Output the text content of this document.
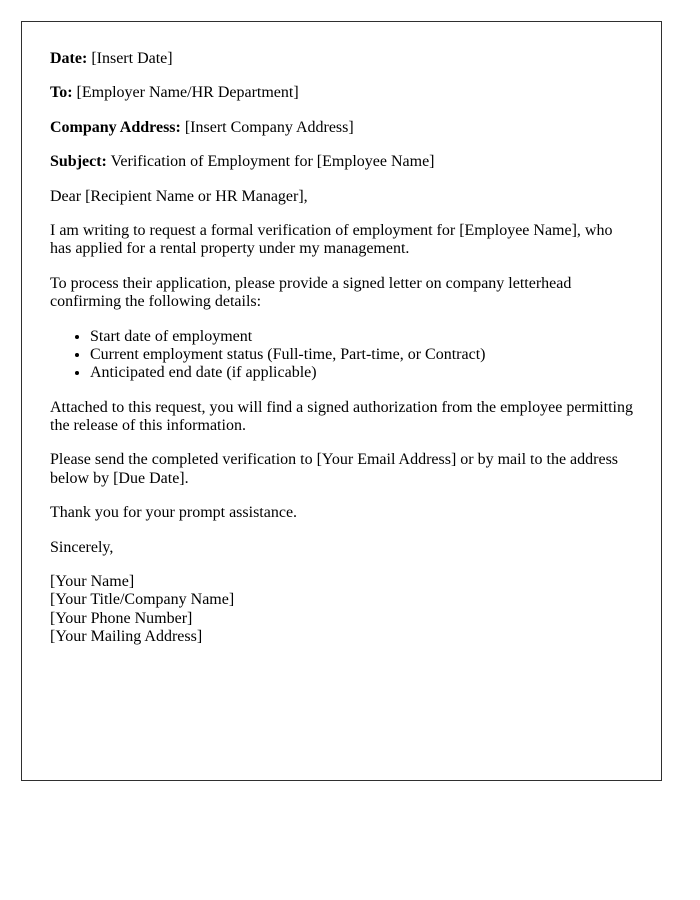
Date: [Insert Date]

To: [Employer Name/HR Department]

Company Address: [Insert Company Address]

Subject: Verification of Employment for [Employee Name]

Dear [Recipient Name or HR Manager],

I am writing to request a formal verification of employment for [Employee Name], who has applied for a rental property under my management.

To process their application, please provide a signed letter on company letterhead confirming the following details:

• Start date of employment
• Current employment status (Full-time, Part-time, or Contract)
• Anticipated end date (if applicable)

Attached to this request, you will find a signed authorization from the employee permitting the release of this information.

Please send the completed verification to [Your Email Address] or by mail to the address below by [Due Date].

Thank you for your prompt assistance.

Sincerely,

[Your Name]
[Your Title/Company Name]
[Your Phone Number]
[Your Mailing Address]
